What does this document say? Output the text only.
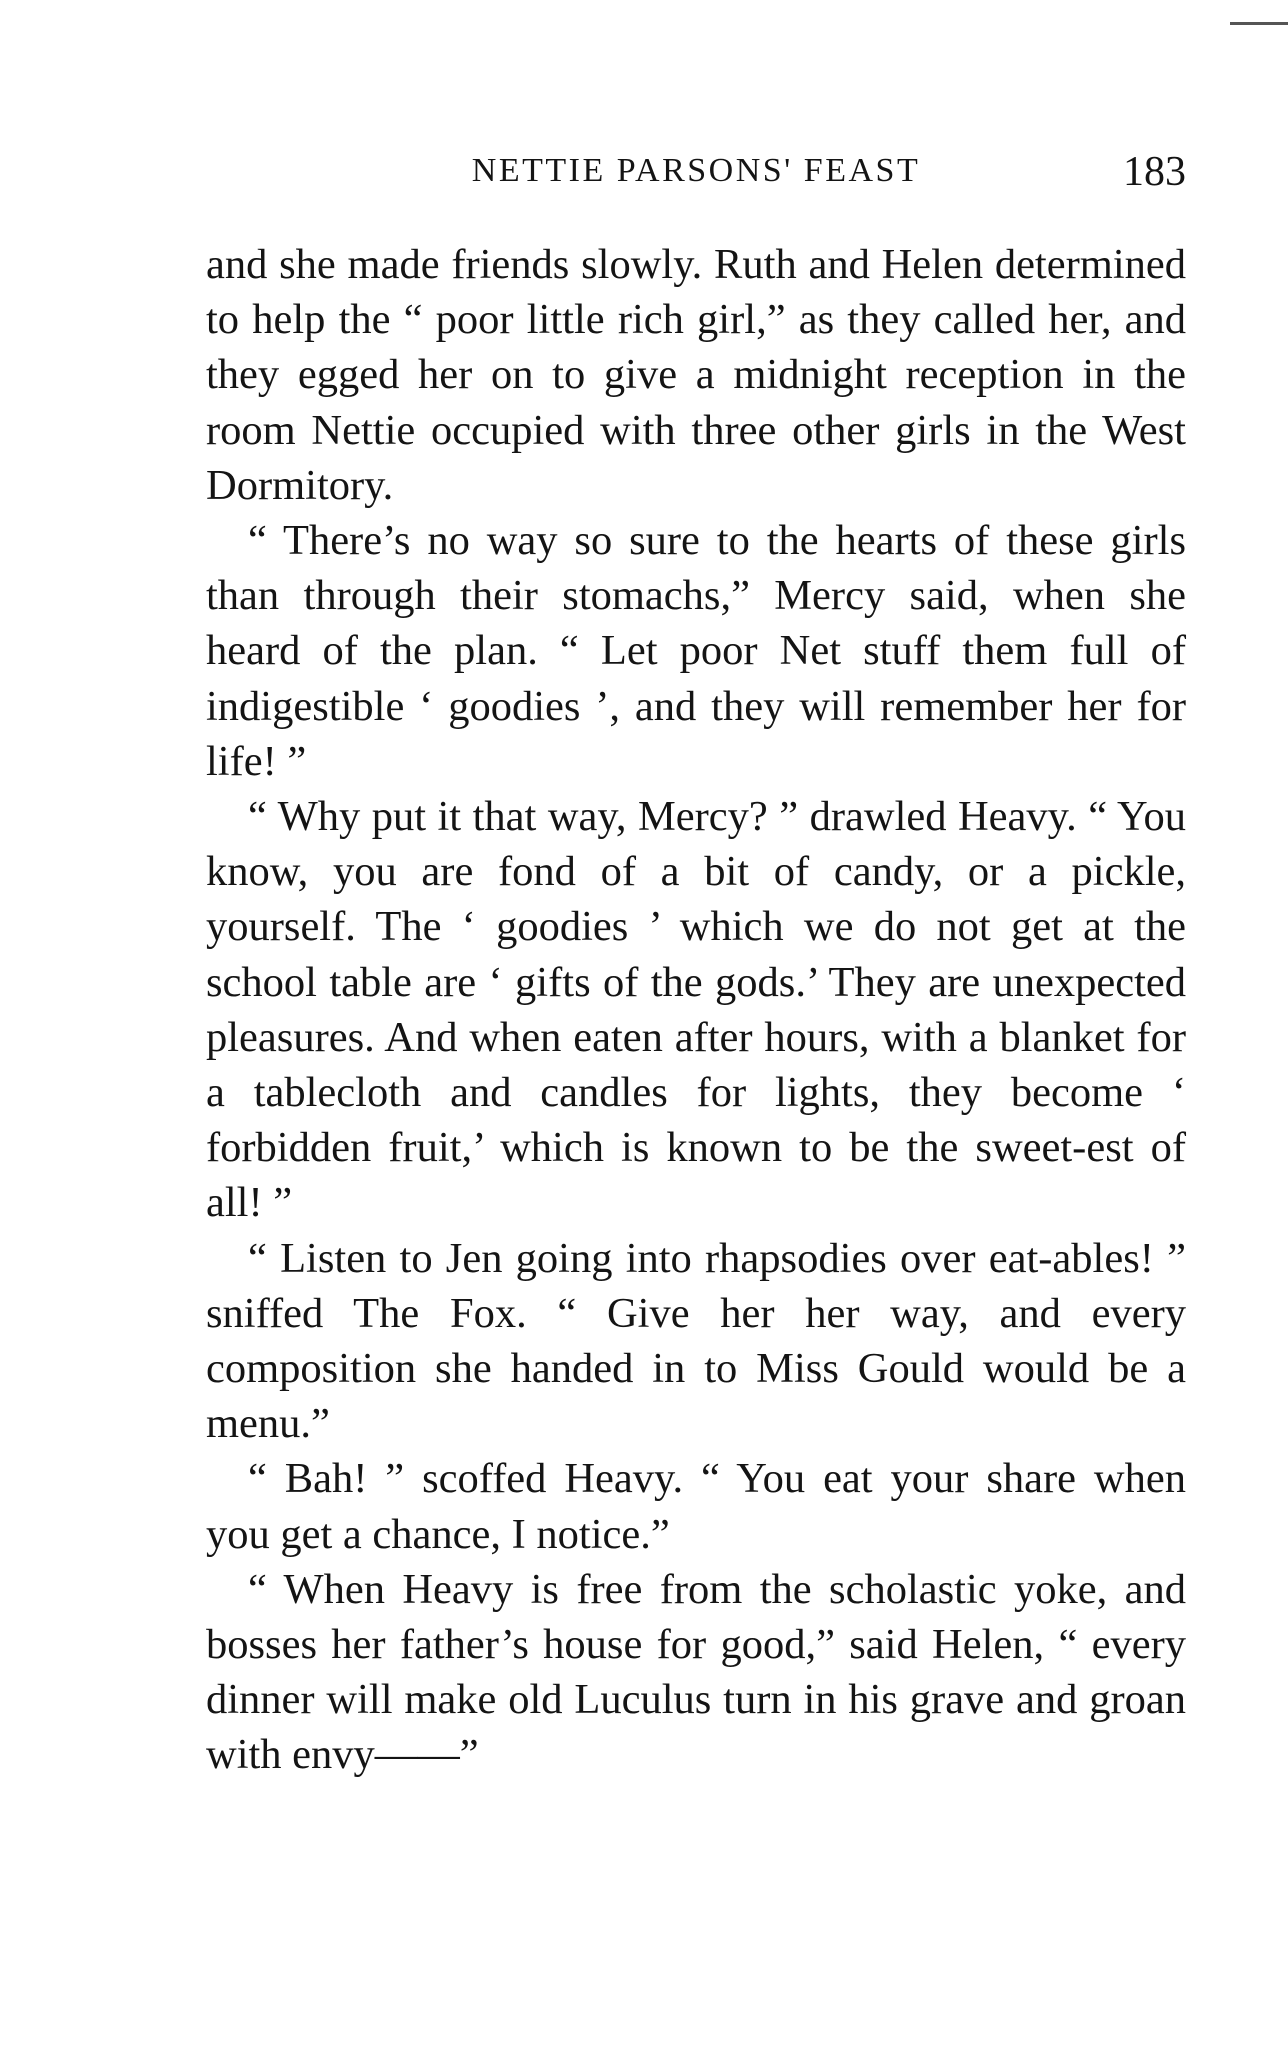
NETTIE PARSONS' FEAST	183

and she made friends slowly. Ruth and Helen determined to help the “ poor little rich girl,” as they called her, and they egged her on to give a midnight reception in the room Nettie occupied with three other girls in the West Dormitory.

“ There’s no way so sure to the hearts of these girls than through their stomachs,” Mercy said, when she heard of the plan. “ Let poor Net stuff them full of indigestible ‘ goodies ’, and they will remember her for life! ”

“ Why put it that way, Mercy? ” drawled Heavy. “ You know, you are fond of a bit of candy, or a pickle, yourself. The ‘ goodies ’ which we do not get at the school table are ‘ gifts of the gods.’ They are unexpected pleasures. And when eaten after hours, with a blanket for a tablecloth and candles for lights, they become ‘ forbidden fruit,’ which is known to be the sweet-est of all! ”

“ Listen to Jen going into rhapsodies over eat-ables! ” sniffed The Fox. “ Give her her way, and every composition she handed in to Miss Gould would be a menu.”

“ Bah! ” scoffed Heavy. “ You eat your share when you get a chance, I notice.”

“ When Heavy is free from the scholastic yoke, and bosses her father’s house for good,” said Helen, “ every dinner will make old Luculus turn in his grave and groan with envy——”
